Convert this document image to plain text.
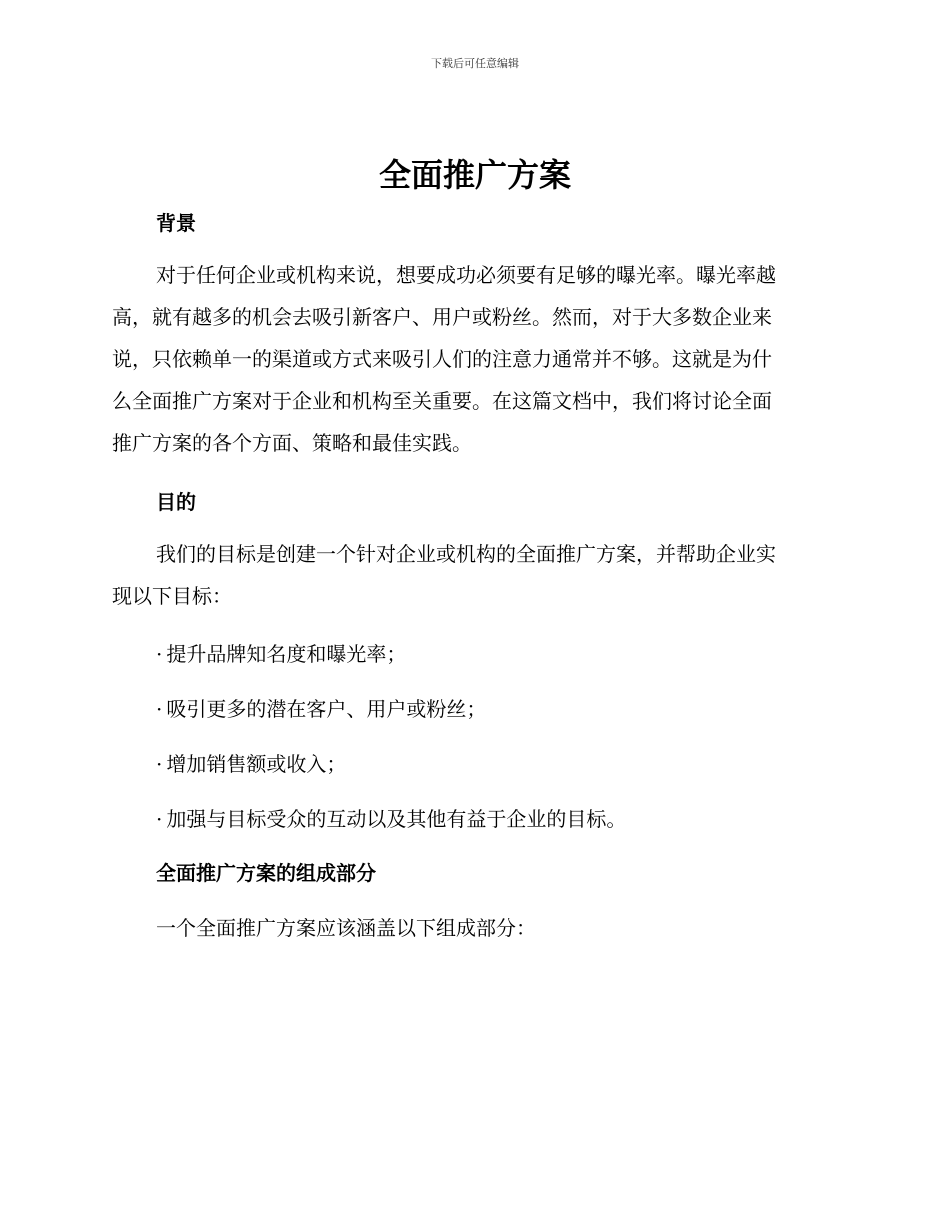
下载后可任意编辑
全面推广方案
背景
对于任何企业或机构来说，想要成功必须要有足够的曝光率。曝光率越
高，就有越多的机会去吸引新客户、用户或粉丝。然而，对于大多数企业来
说，只依赖单一的渠道或方式来吸引人们的注意力通常并不够。这就是为什
么全面推广方案对于企业和机构至关重要。在这篇文档中，我们将讨论全面
推广方案的各个方面、策略和最佳实践。
目的
我们的目标是创建一个针对企业或机构的全面推广方案，并帮助企业实
现以下目标：
· 提升品牌知名度和曝光率；
· 吸引更多的潜在客户、用户或粉丝；
· 增加销售额或收入；
· 加强与目标受众的互动以及其他有益于企业的目标。
全面推广方案的组成部分
一个全面推广方案应该涵盖以下组成部分：
